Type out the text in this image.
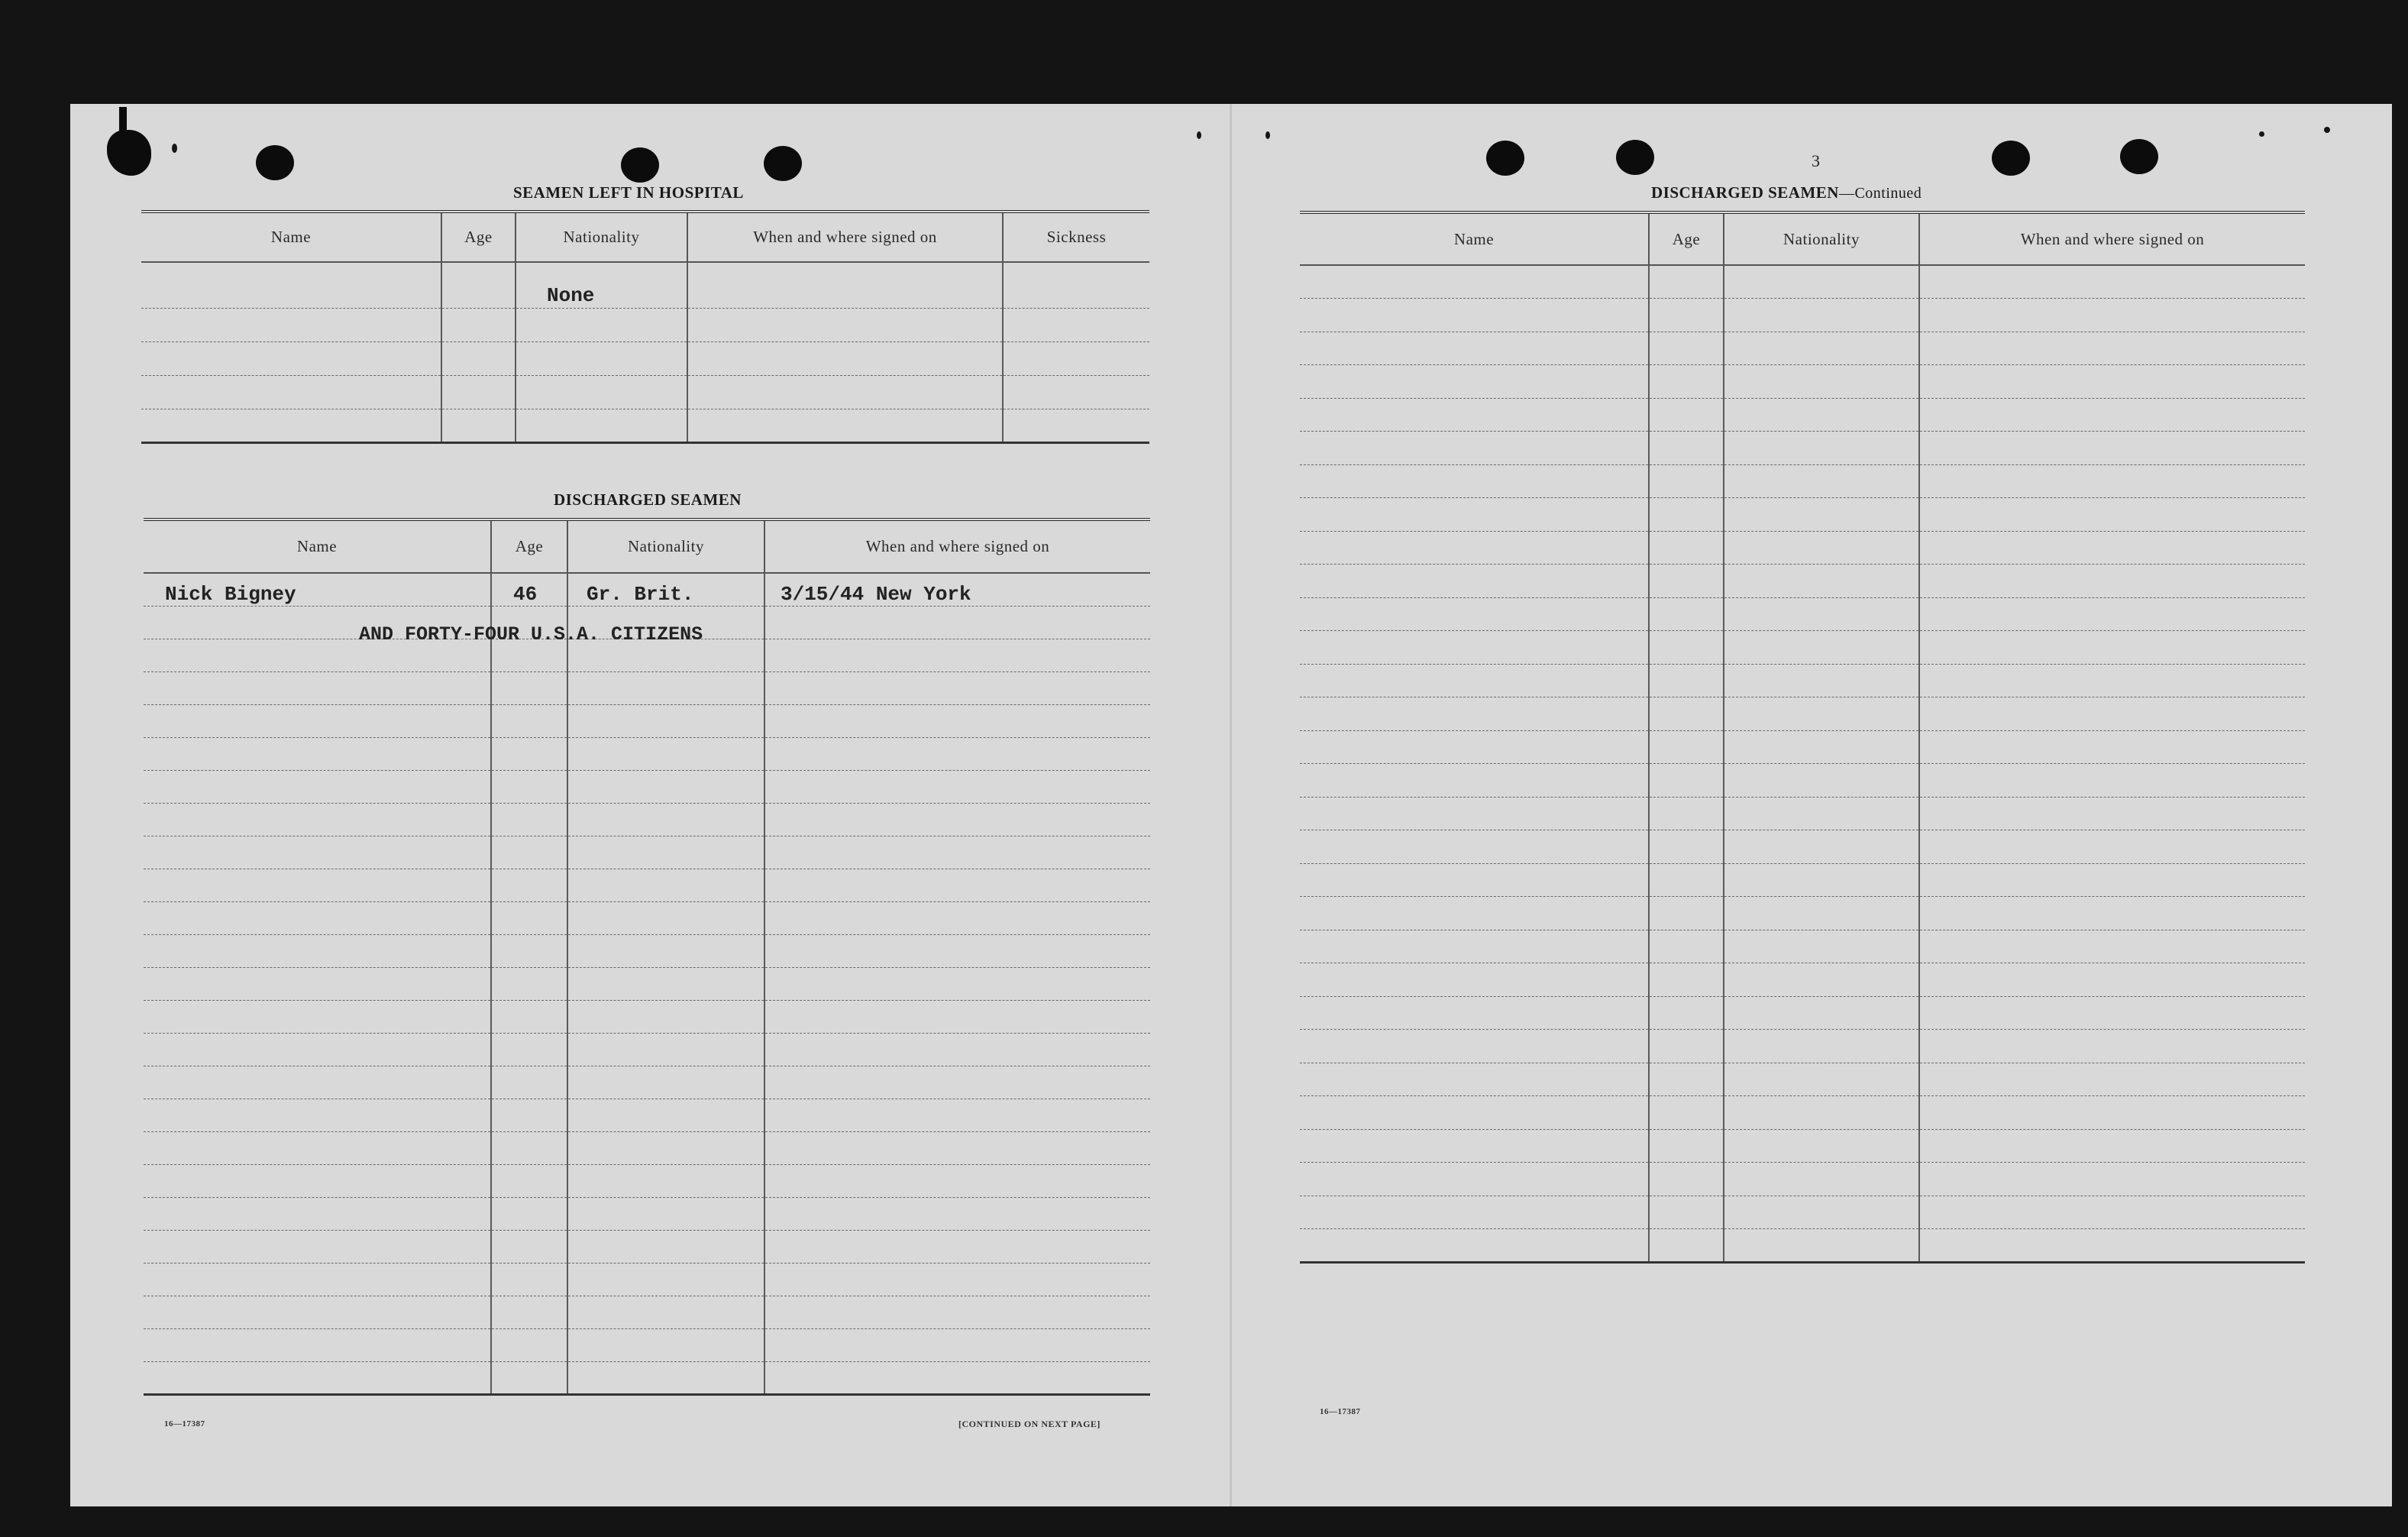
SEAMEN LEFT IN HOSPITAL
Name	Age	Nationality	When and where signed on	Sickness

None
DISCHARGED SEAMEN
Name	Age	Nationality	When and where signed on
Nick Bigney	46	Gr. Brit.	3/15/44 New York

AND FORTY-FOUR U.S.A. CITIZENS
16—17387	[CONTINUED ON NEXT PAGE]
3
DISCHARGED SEAMEN—Continued
Name	Age	Nationality	When and where signed on

16—17387
